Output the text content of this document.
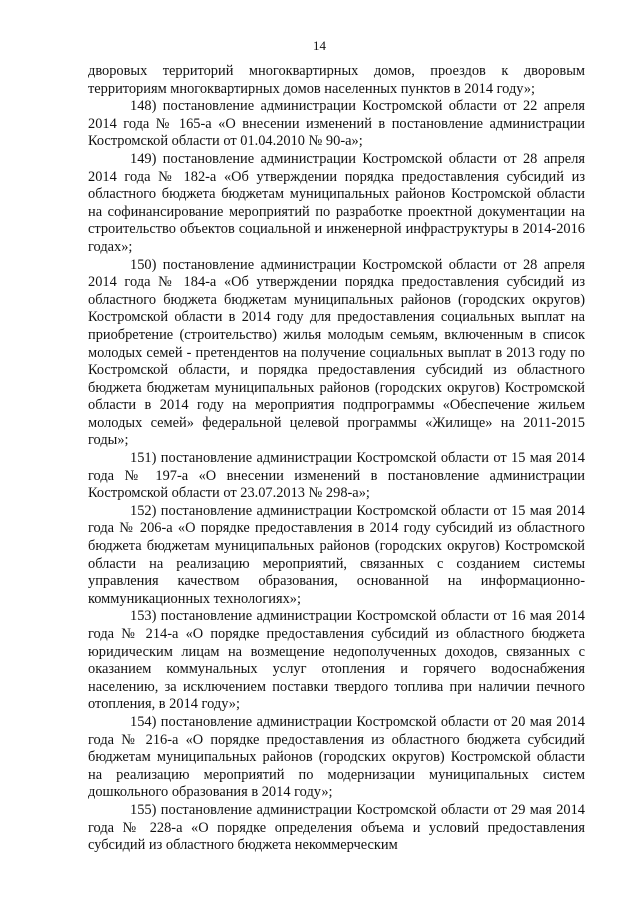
14

дворовых территорий многоквартирных домов, проездов к дворовым территориям многоквартирных домов населенных пунктов в 2014 году»;

148) постановление администрации Костромской области от 22 апреля 2014 года № 165-а «О внесении изменений в постановление администрации Костромской области от 01.04.2010 № 90-а»;

149) постановление администрации Костромской области от 28 апреля 2014 года № 182-а «Об утверждении порядка предоставления субсидий из областного бюджета бюджетам муниципальных районов Костромской области на софинансирование мероприятий по разработке проектной документации на строительство объектов социальной и инженерной инфраструктуры в 2014-2016 годах»;

150) постановление администрации Костромской области от 28 апреля 2014 года № 184-а «Об утверждении порядка предоставления субсидий из областного бюджета бюджетам муниципальных районов (городских округов) Костромской области в 2014 году для предоставления социальных выплат на приобретение (строительство) жилья молодым семьям, включенным в список молодых семей - претендентов на получение социальных выплат в 2013 году по Костромской области, и порядка предоставления субсидий из областного бюджета бюджетам муниципальных районов (городских округов) Костромской области в 2014 году на мероприятия подпрограммы «Обеспечение жильем молодых семей» федеральной целевой программы «Жилище» на 2011-2015 годы»;

151) постановление администрации Костромской области от 15 мая 2014 года № 197-а «О внесении изменений в постановление администрации Костромской области от 23.07.2013 № 298-а»;

152) постановление администрации Костромской области от 15 мая 2014 года № 206-а «О порядке предоставления в 2014 году субсидий из областного бюджета бюджетам муниципальных районов (городских округов) Костромской области на реализацию мероприятий, связанных с созданием системы управления качеством образования, основанной на информационно-коммуникационных технологиях»;

153) постановление администрации Костромской области от 16 мая 2014 года № 214-а «О порядке предоставления субсидий из областного бюджета юридическим лицам на возмещение недополученных доходов, связанных с оказанием коммунальных услуг отопления и горячего водоснабжения населению, за исключением поставки твердого топлива при наличии печного отопления, в 2014 году»;

154) постановление администрации Костромской области от 20 мая 2014 года № 216-а «О порядке предоставления из областного бюджета субсидий бюджетам муниципальных районов (городских округов) Костромской области на реализацию мероприятий по модернизации муниципальных систем дошкольного образования в 2014 году»;

155) постановление администрации Костромской области от 29 мая 2014 года № 228-а «О порядке определения объема и условий предоставления субсидий из областного бюджета некоммерческим
